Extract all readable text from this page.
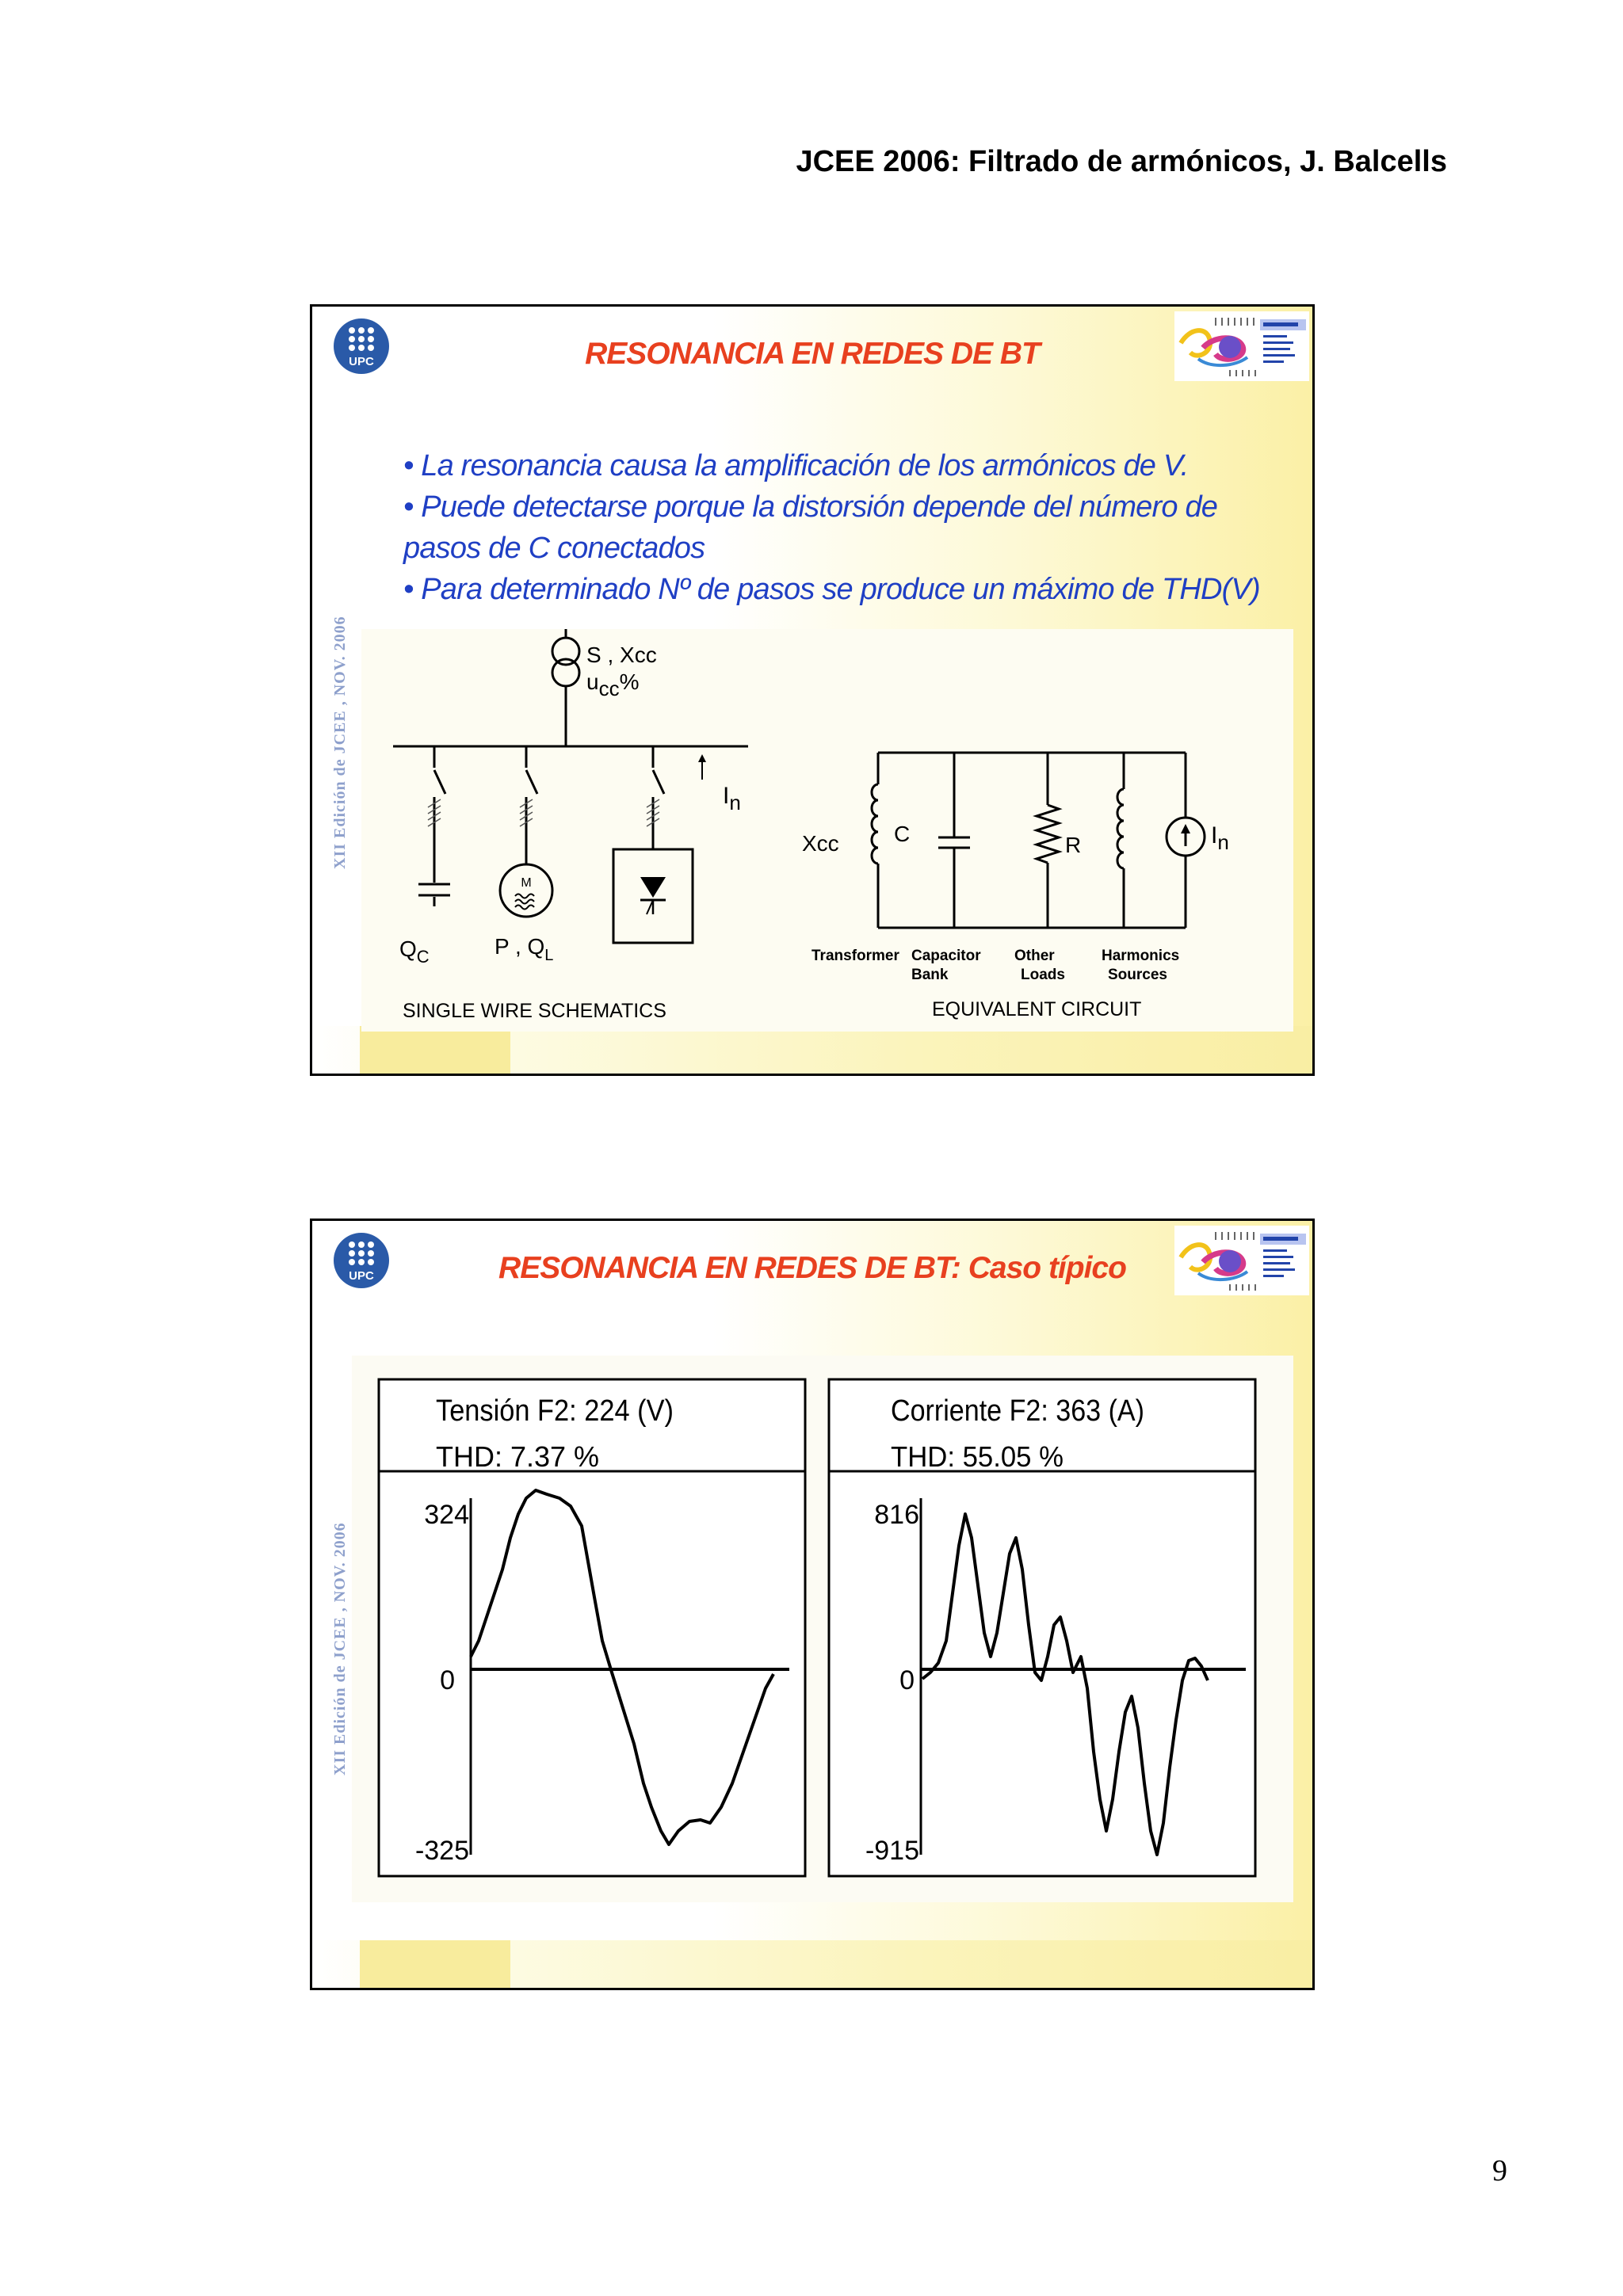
JCEE 2006: Filtrado de armónicos, J. Balcells
UPC	RESONANCIA EN REDES DE BT
XII Edición de JCEE , NOV. 2006

• La resonancia causa la amplificación de los armónicos de V.

• Puede detectarse porque la distorsión depende del número de

pasos de C conectados

• Para determinado Nº de pasos se produce un máximo de THD(V)

M
In
S , Xcc
ucc%
$Q_C$	P , $Q_L$
SINGLE WIRE SCHEMATICS
Xcc C	R	In
Transformer Capacitor
Bank
Other
Loads
Harmonics
Sources
EQUIVALENT CIRCUIT
UPC	RESONANCIA EN REDES DE BT: Caso típico
XII Edición de JCEE , NOV. 2006
Tensión F2: 224 (V)
THD: 7.37 %
324
0
-325
Corriente F2: 363 (A)
THD: 55.05 %
816
0
-915
9
